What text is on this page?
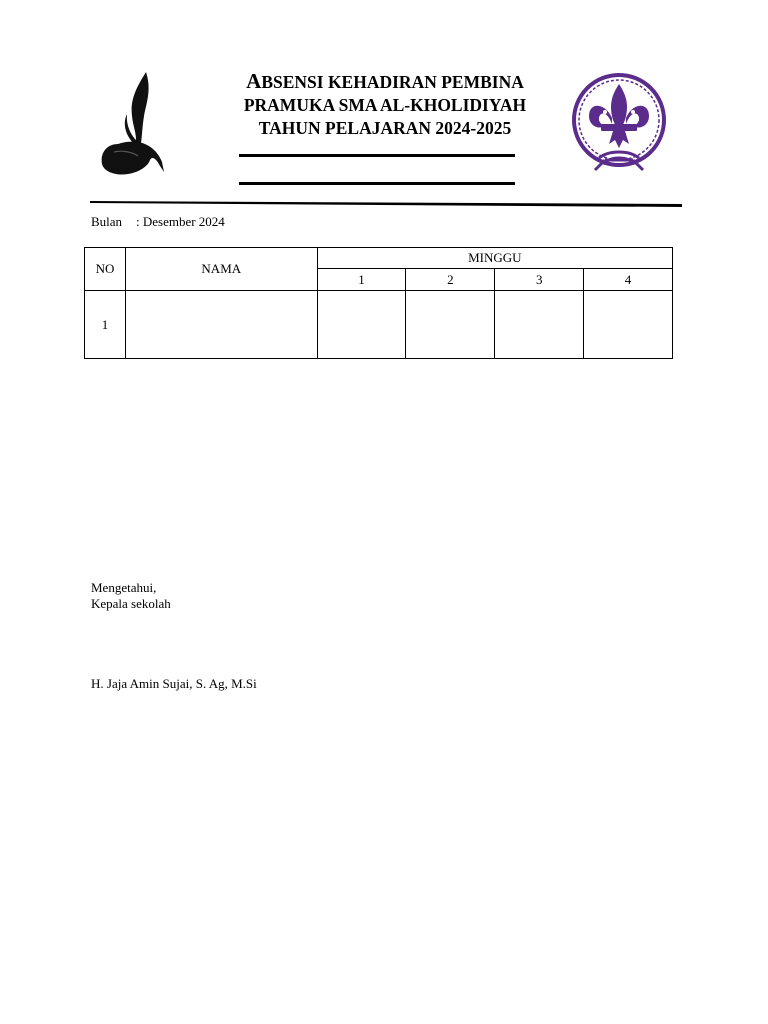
ABSENSI KEHADIRAN PEMBINA
PRAMUKA SMA AL-KHOLIDIYAH
TAHUN PELAJARAN 2024-2025
Bulan : Desember 2024
NO	NAMA	MINGGU			
		1	2	3	4
1					
Mengetahui,
Kepala sekolah
H. Jaja Amin Sujai, S. Ag, M.Si
